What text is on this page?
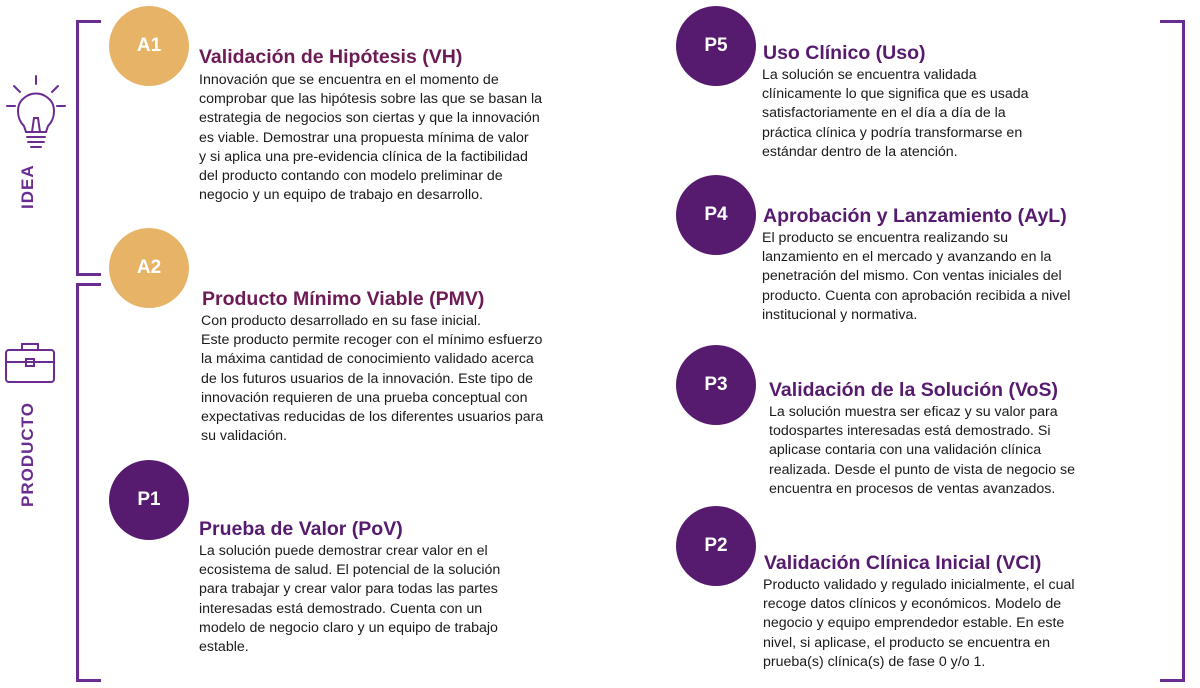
IDEA
PRODUCTO
A1
Validación de Hipótesis (VH)
Innovación que se encuentra en el momento de
comprobar que las hipótesis sobre las que se basan la
estrategia de negocios son ciertas y que la innovación
es viable. Demostrar una propuesta mínima de valor
y si aplica una pre-evidencia clínica de la factibilidad
del producto contando con modelo preliminar de
negocio y un equipo de trabajo en desarrollo.
A2
Producto Mínimo Viable (PMV)
Con producto desarrollado en su fase inicial.
Este producto permite recoger con el mínimo esfuerzo
la máxima cantidad de conocimiento validado acerca
de los futuros usuarios de la innovación. Este tipo de
innovación requieren de una prueba conceptual con
expectativas reducidas de los diferentes usuarios para
su validación.
P1
Prueba de Valor (PoV)
La solución puede demostrar crear valor en el
ecosistema de salud. El potencial de la solución
para trabajar y crear valor para todas las partes
interesadas está demostrado. Cuenta con un
modelo de negocio claro y un equipo de trabajo
estable.
P5	Uso Clínico (Uso)
La solución se encuentra validada
clínicamente lo que significa que es usada
satisfactoriamente en el día a día de la
práctica clínica y podría transformarse en
estándar dentro de la atención.
P4	Aprobación y Lanzamiento (AyL)
El producto se encuentra realizando su
lanzamiento en el mercado y avanzando en la
penetración del mismo. Con ventas iniciales del
producto. Cuenta con aprobación recibida a nivel
institucional y normativa.
P3	Validación de la Solución (VoS)
La solución muestra ser eficaz y su valor para
todospartes interesadas está demostrado. Si
aplicase contaria con una validación clínica
realizada. Desde el punto de vista de negocio se
encuentra en procesos de ventas avanzados.
P2
Validación Clínica Inicial (VCI)
Producto validado y regulado inicialmente, el cual
recoge datos clínicos y económicos. Modelo de
negocio y equipo emprendedor estable. En este
nivel, si aplicase, el producto se encuentra en
prueba(s) clínica(s) de fase 0 y/o 1.
